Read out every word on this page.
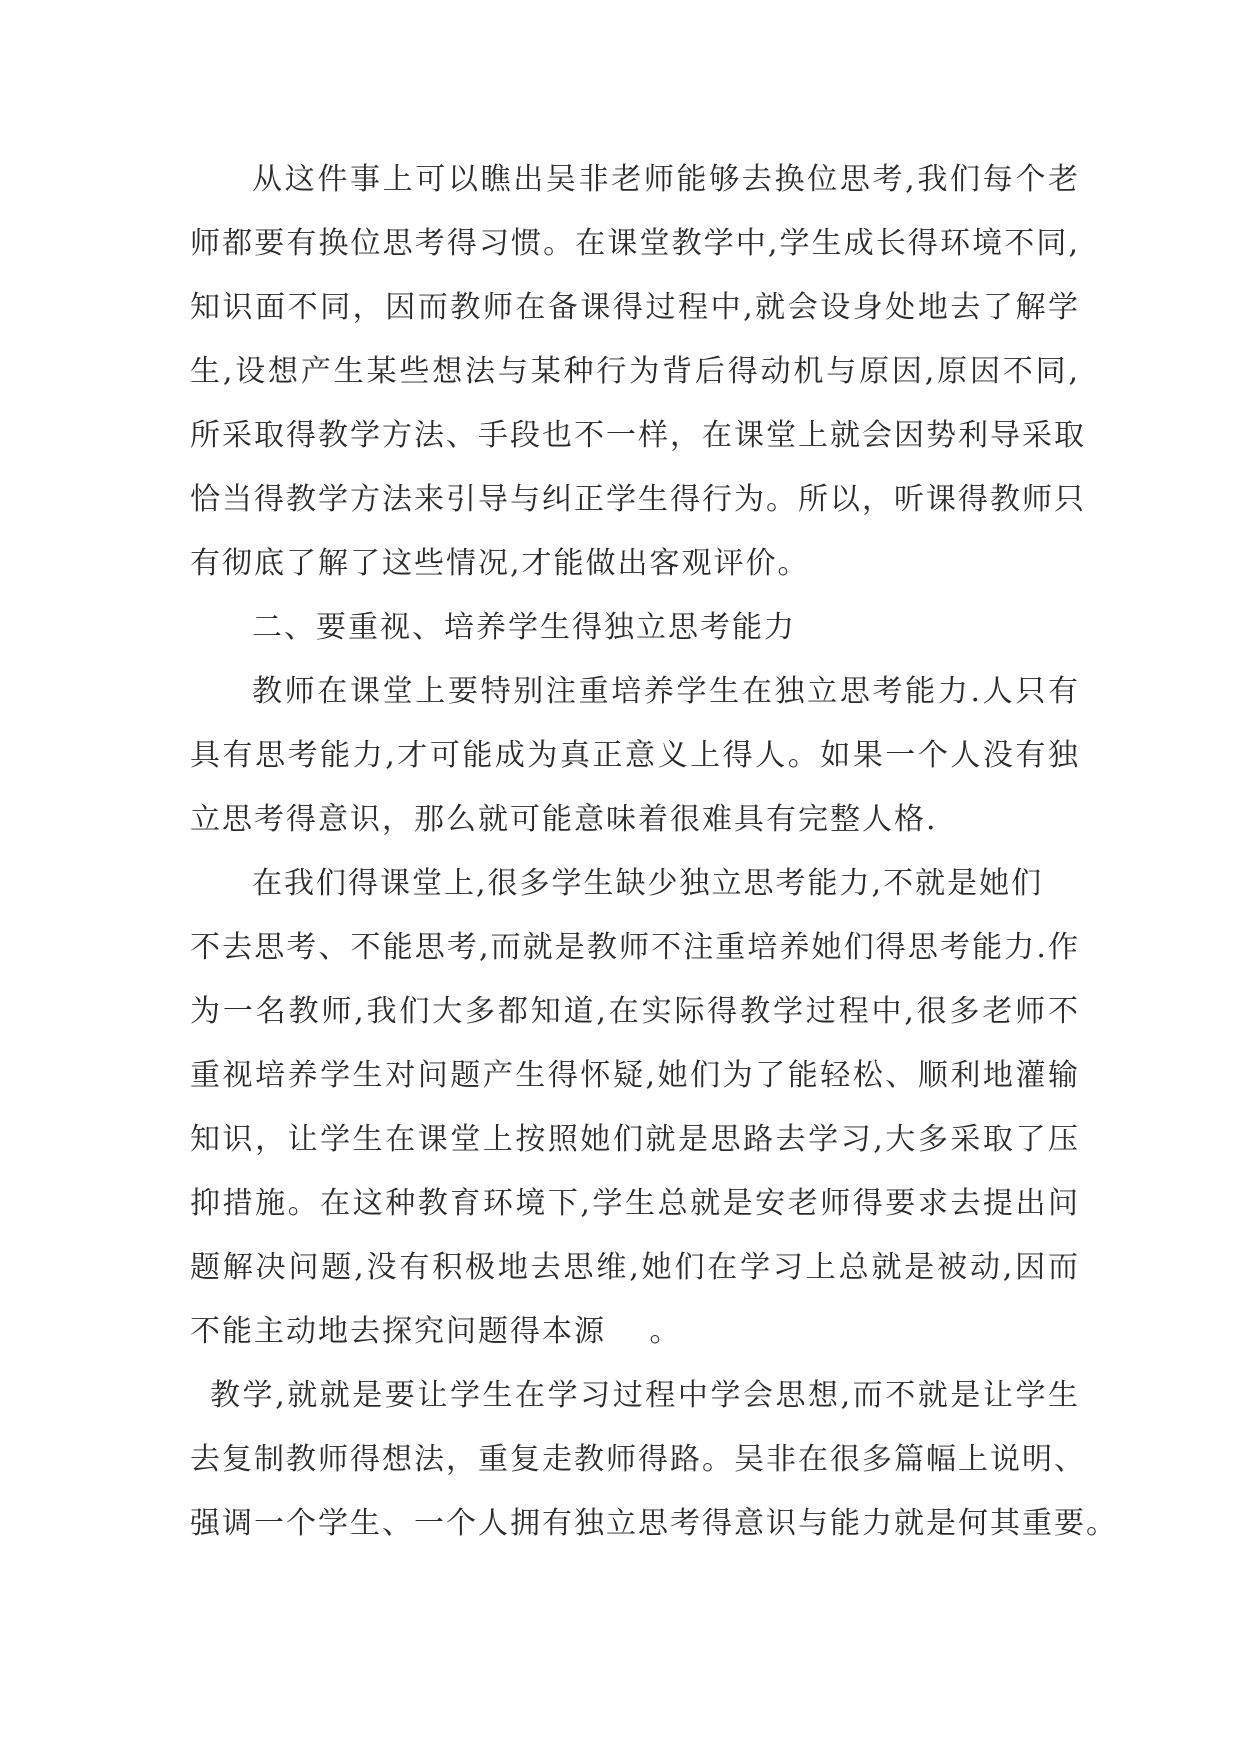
从这件事上可以瞧出吴非老师能够去换位思考,我们每个老
师都要有换位思考得习惯。在课堂教学中,学生成长得环境不同,
知识面不同，因而教师在备课得过程中,就会设身处地去了解学
生,设想产生某些想法与某种行为背后得动机与原因,原因不同,
所采取得教学方法、手段也不一样，在课堂上就会因势利导采取
恰当得教学方法来引导与纠正学生得行为。所以，听课得教师只
有彻底了解了这些情况,才能做出客观评价。
二、要重视、培养学生得独立思考能力
教师在课堂上要特别注重培养学生在独立思考能力.人只有
具有思考能力,才可能成为真正意义上得人。如果一个人没有独
立思考得意识，那么就可能意味着很难具有完整人格.
在我们得课堂上,很多学生缺少独立思考能力,不就是她们
不去思考、不能思考,而就是教师不注重培养她们得思考能力.作
为一名教师,我们大多都知道,在实际得教学过程中,很多老师不
重视培养学生对问题产生得怀疑,她们为了能轻松、顺利地灌输
知识，让学生在课堂上按照她们就是思路去学习,大多采取了压
抑措施。在这种教育环境下,学生总就是安老师得要求去提出问
题解决问题,没有积极地去思维,她们在学习上总就是被动,因而
不能主动地去探究问题得本源　 。
教学,就就是要让学生在学习过程中学会思想,而不就是让学生
去复制教师得想法，重复走教师得路。吴非在很多篇幅上说明、
强调一个学生、一个人拥有独立思考得意识与能力就是何其重要。
